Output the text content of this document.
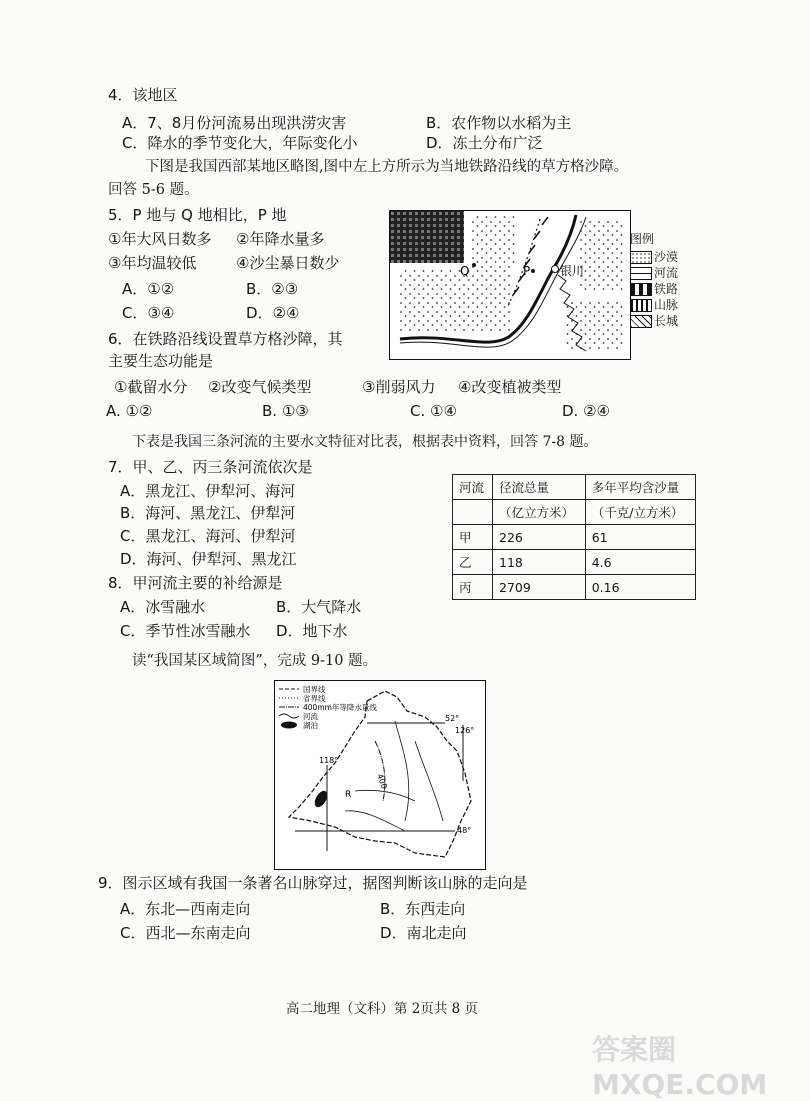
4．该地区
A．7、8月份河流易出现洪涝灾害	B．农作物以水稻为主
C．降水的季节变化大，年际变化小	D．冻土分布广泛
下图是我国西部某地区略图,图中左上方所示为当地铁路沿线的草方格沙障。
回答 5-6 题。
5．P 地与 Q 地相比，P 地
①年大风日数多 ②年降水量多
③年均温较低	④沙尘暴日数少
A．①②	B．②③
C．③④	D．②④
6．在铁路沿线设置草方格沙障，其
主要生态功能是
①截留水分 ②改变气候类型	③削弱风力 ④改变植被类型
A. ①②	B. ①③	C. ①④	D. ②④
Q	P 银川
图例
沙漠
河流
铁路
山脉
长城
下表是我国三条河流的主要水文特征对比表，根据表中资料，回答 7-8 题。
7．甲、乙、丙三条河流依次是
A．黑龙江、伊犁河、海河
B．海河、黑龙江、伊犁河
C．黑龙江、海河、伊犁河
D．海河、伊犁河、黑龙江
河流	径流总量	多年平均含沙量
	（亿立方米）	（千克/立方米）
甲	226	61
乙	118	4.6
丙	2709	0.16
8．甲河流主要的补给源是
A．冰雪融水	B．大气降水
C．季节性冰雪融水 D．地下水
读“我国某区域简图”，完成 9-10 题。
国界线
省界线
400mm年等降水量线
河流
湖泊
52°
126°
118°
48°
400
R
9．图示区域有我国一条著名山脉穿过，据图判断该山脉的走向是
A．东北—西南走向	B．东西走向
C．西北—东南走向	D．南北走向
高二地理（文科）第 2页共 8 页
答案圈 MXQE.COM
